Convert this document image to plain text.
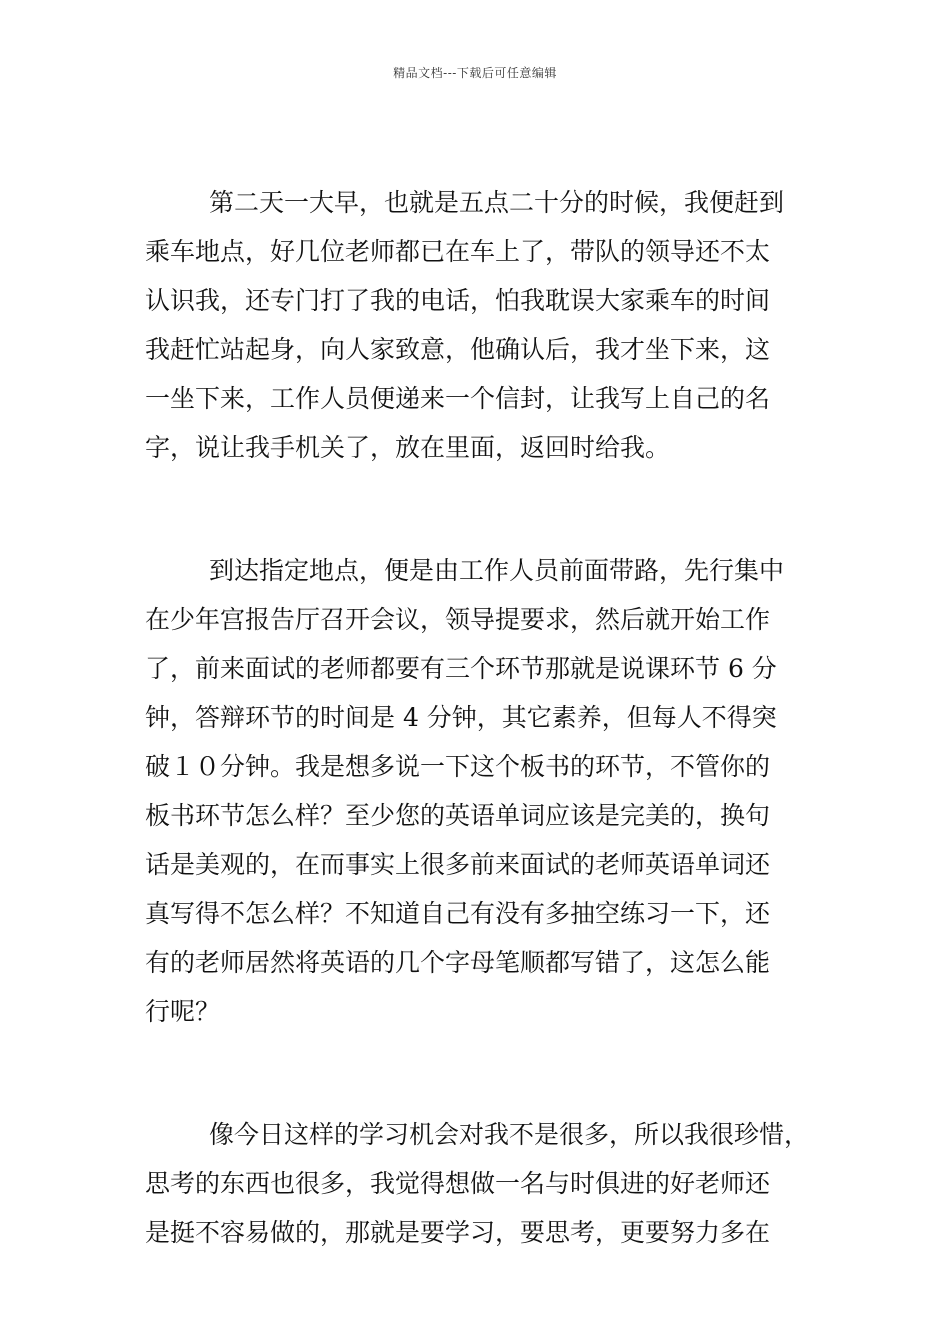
精品文档---下载后可任意编辑
第二天一大早，也就是五点二十分的时候，我便赶到
乘车地点，好几位老师都已在车上了，带队的领导还不太
认识我，还专门打了我的电话，怕我耽误大家乘车的时间
我赶忙站起身，向人家致意，他确认后，我才坐下来，这
一坐下来，工作人员便递来一个信封，让我写上自己的名
字，说让我手机关了，放在里面，返回时给我。
到达指定地点，便是由工作人员前面带路，先行集中
在少年宫报告厅召开会议，领导提要求，然后就开始工作
了，前来面试的老师都要有三个环节那就是说课环节 6 分
钟，答辩环节的时间是 4 分钟，其它素养，但每人不得突
破１０分钟。我是想多说一下这个板书的环节，不管你的
板书环节怎么样？至少您的英语单词应该是完美的，换句
话是美观的，在而事实上很多前来面试的老师英语单词还
真写得不怎么样？不知道自己有没有多抽空练习一下，还
有的老师居然将英语的几个字母笔顺都写错了，这怎么能
行呢？
像今日这样的学习机会对我不是很多，所以我很珍惜，
思考的东西也很多，我觉得想做一名与时俱进的好老师还
是挺不容易做的，那就是要学习，要思考，更要努力多在
